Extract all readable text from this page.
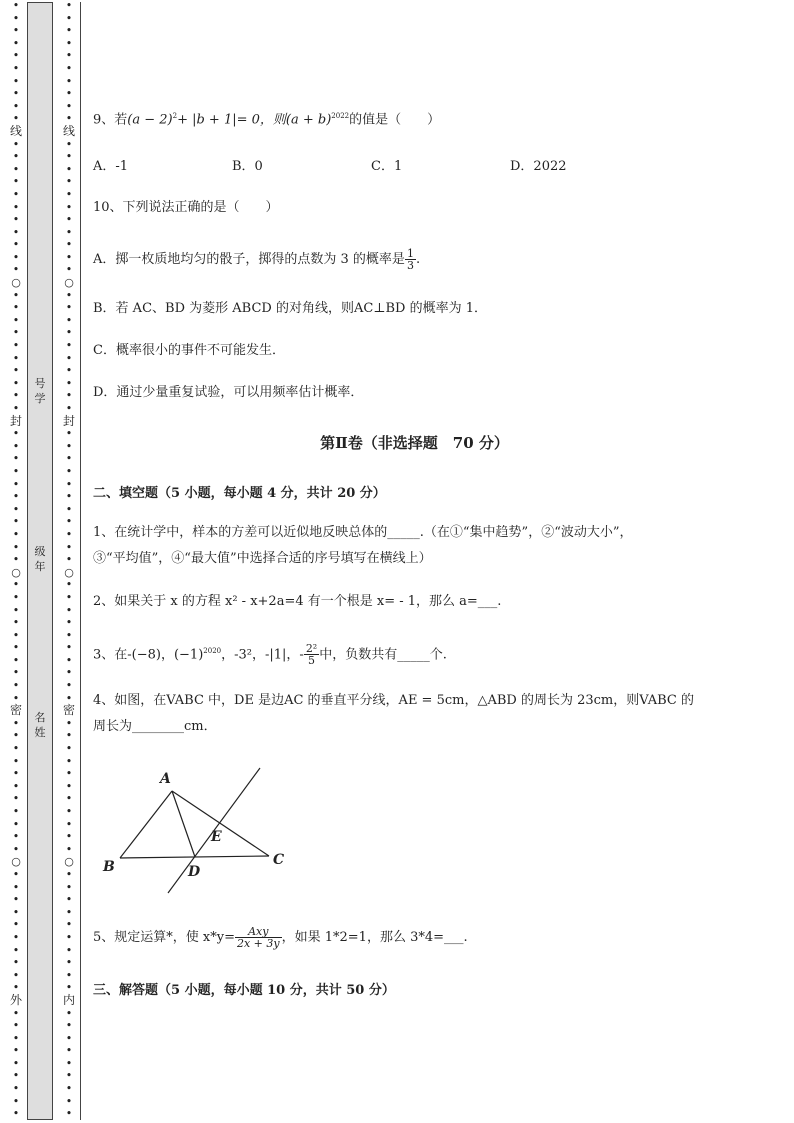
•
•
•
•
•
•
•
•
•
•
线
•
•
•
•
•
•
•
•
•
•
•
○
•
•
•
•
•
•
•
•
•
•
封
•
•
•
•
•
•
•
•
•
•
•
○
•
•
•
•
•
•
•
•
•
•
密
•
•
•
•
•
•
•
•
•
•
•
○
•
•
•
•
•
•
•
•
•
•
外
•
•
•
•
•
•
•
•
•
•
•
•
•
•
•
•
•
•
•
线
•
•
•
•
•
•
•
•
•
•
•
○
•
•
•
•
•
•
•
•
•
•
封
•
•
•
•
•
•
•
•
•
•
•
○
•
•
•
•
•
•
•
•
•
•
密
•
•
•
•
•
•
•
•
•
•
•
○
•
•
•
•
•
•
•
•
•
•
内
•
•
•
•
•
•
•
•
•
号
学
级
年
名
姓
9、若$(a - 2)^2+ |b + 1|= 0$，则$(a + b)^{2022}$的值是（　　）
A．-1	B．0	C．1	D．2022
10、下列说法正确的是（　　）
A．掷一枚质地均匀的骰子，掷得的点数为 3 的概率是 $\frac{1}{3}$ .
B．若 AC、BD 为菱形 ABCD 的对角线，则AC⊥BD 的概率为 1．
C．概率很小的事件不可能发生．
D．通过少量重复试验，可以用频率估计概率．
第Ⅱ卷（非选择题　70 分）
二、填空题（5 小题，每小题 4 分，共计 20 分）
1、在统计学中，样本的方差可以近似地反映总体的_____.（在①“集中趋势”，②“波动大小”，
③“平均值”，④“最大值”中选择合适的序号填写在横线上）
2、如果关于 x 的方程 x² - x+2a=4 有一个根是 x= - 1，那么 a=___.
3、在-(−8)，$(-1)^{2020}$，-3²，-|1|，- $\frac{\text{2²}}{5}$ 中，负数共有_____个.
4、如图，在VABC 中，DE 是边AC 的垂直平分线，AE = 5cm，△ABD 的周长为 23cm，则VABC 的
周长为________cm．
A
B	C
D
E
5、规定运算*，使 $x*y= \frac{\text{Axy}}{2x + 3y}$ ，如果 1*2=1，那么 3*4=___.
三、解答题（5 小题，每小题 10 分，共计 50 分）
